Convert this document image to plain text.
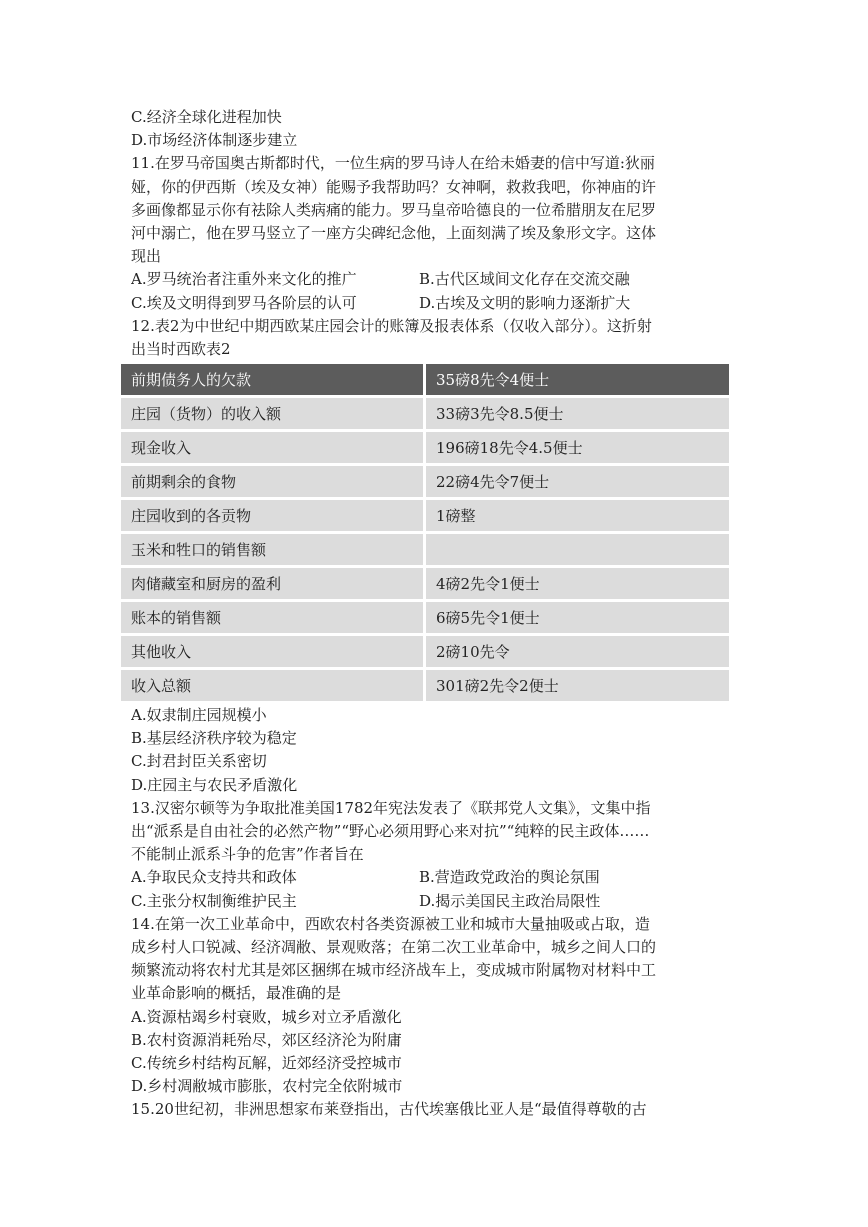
C.经济全球化进程加快
D.市场经济体制逐步建立
11.在罗马帝国奥古斯都时代，一位生病的罗马诗人在给未婚妻的信中写道:狄丽
娅，你的伊西斯（埃及女神）能赐予我帮助吗？女神啊，救救我吧，你神庙的许
多画像都显示你有祛除人类病痛的能力。罗马皇帝哈德良的一位希腊朋友在尼罗
河中溺亡，他在罗马竖立了一座方尖碑纪念他，上面刻满了埃及象形文字。这体
现出
A.罗马统治者注重外来文化的推广	B.古代区域间文化存在交流交融
C.埃及文明得到罗马各阶层的认可	D.古埃及文明的影响力逐渐扩大
12.表2为中世纪中期西欧某庄园会计的账簿及报表体系（仅收入部分）。这折射
出当时西欧表2
前期债务人的欠款	35磅8先令4便士
庄园（货物）的收入额	33磅3先令8.5便士
现金收入	196磅18先令4.5便士
前期剩余的食物	22磅4先令7便士
庄园收到的各贡物	1磅整
玉米和牲口的销售额	
肉储藏室和厨房的盈利	4磅2先令1便士
账本的销售额	6磅5先令1便士
其他收入	2磅10先令
收入总额	301磅2先令2便士
A.奴隶制庄园规模小
B.基层经济秩序较为稳定
C.封君封臣关系密切
D.庄园主与农民矛盾激化
13.汉密尔顿等为争取批准美国1782年宪法发表了《联邦党人文集》，文集中指
出“派系是自由社会的必然产物”“野心必须用野心来对抗”“纯粹的民主政体……
不能制止派系斗争的危害”作者旨在
A.争取民众支持共和政体	B.营造政党政治的舆论氛围
C.主张分权制衡维护民主	D.揭示美国民主政治局限性
14.在第一次工业革命中，西欧农村各类资源被工业和城市大量抽吸或占取，造
成乡村人口锐减、经济凋敝、景观败落；在第二次工业革命中，城乡之间人口的
频繁流动将农村尤其是郊区捆绑在城市经济战车上，变成城市附属物对材料中工
业革命影响的概括，最准确的是
A.资源枯竭乡村衰败，城乡对立矛盾激化
B.农村资源消耗殆尽，郊区经济沦为附庸
C.传统乡村结构瓦解，近郊经济受控城市
D.乡村凋敝城市膨胀，农村完全依附城市
15.20世纪初，非洲思想家布莱登指出，古代埃塞俄比亚人是“最值得尊敬的古
